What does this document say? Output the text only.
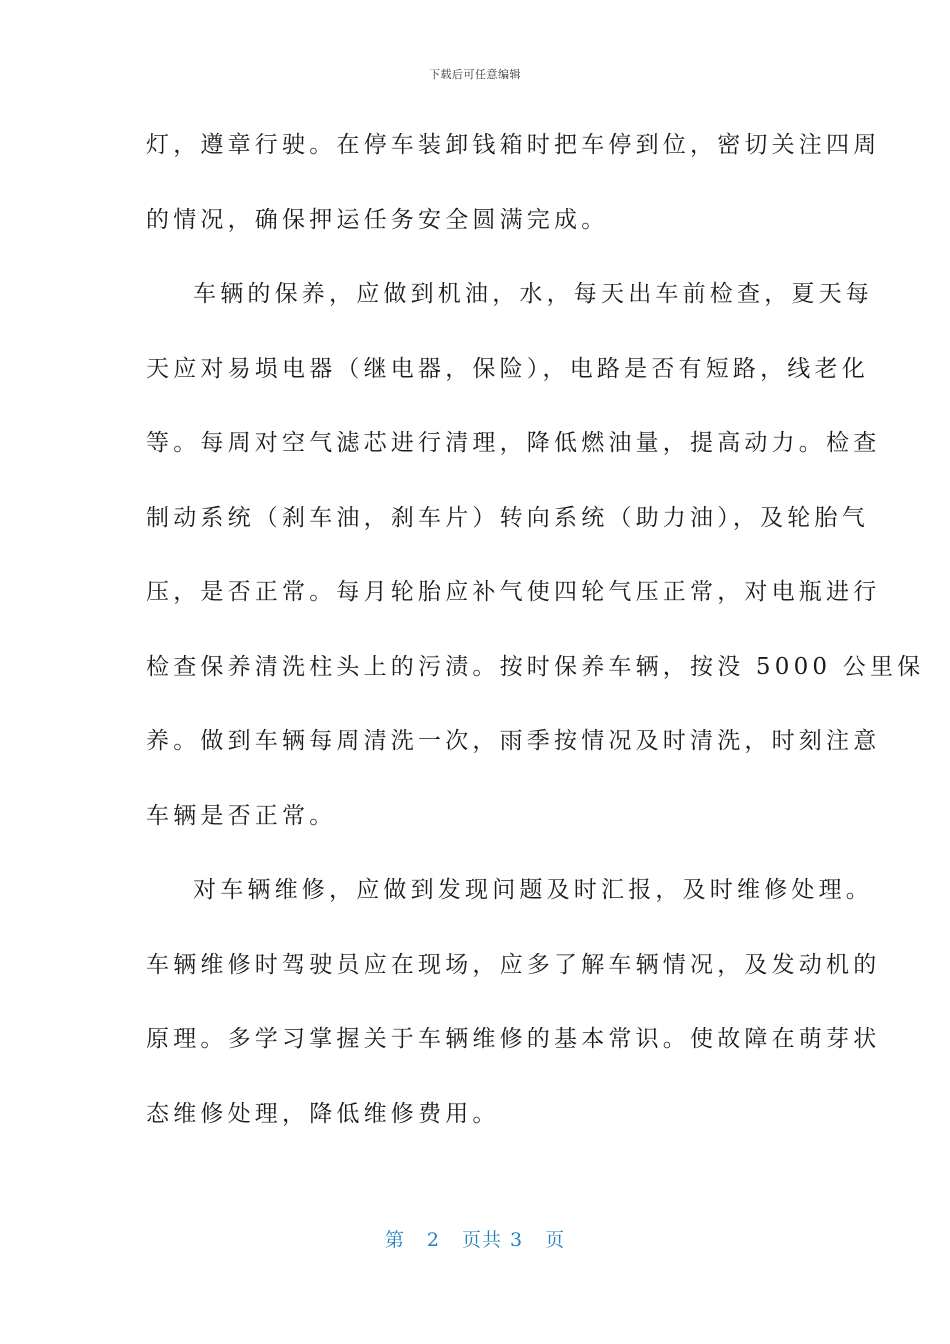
下载后可任意编辑
灯，遵章行驶。在停车装卸钱箱时把车停到位，密切关注四周
的情况，确保押运任务安全圆满完成。
车辆的保养，应做到机油，水，每天出车前检查，夏天每
天应对易埙电器（继电器，保险），电路是否有短路，线老化
等。每周对空气滤芯进行清理，降低燃油量，提高动力。检查
制动系统（刹车油，刹车片）转向系统（助力油），及轮胎气
压，是否正常。每月轮胎应补气使四轮气压正常，对电瓶进行
检查保养清洗柱头上的污渍。按时保养车辆，按没 5000 公里保
养。做到车辆每周清洗一次，雨季按情况及时清洗，时刻注意
车辆是否正常。
对车辆维修，应做到发现问题及时汇报，及时维修处理。
车辆维修时驾驶员应在现场，应多了解车辆情况，及发动机的
原理。多学习掌握关于车辆维修的基本常识。使故障在萌芽状
态维修处理，降低维修费用。
第 2 页共 3 页
